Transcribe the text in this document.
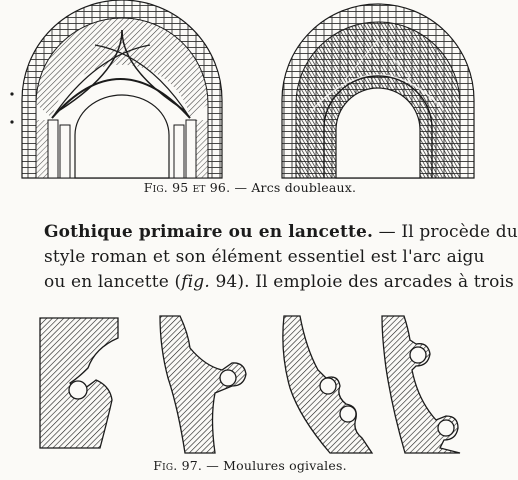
Fig. 95 et 96. — Arcs doubleaux.
Gothique primaire ou en lancette. — Il procède du
style roman et son élément essentiel est l'arc aigu
ou en lancette (fig. 94). Il emploie des arcades à trois
Fig. 97. — Moulures ogivales.
